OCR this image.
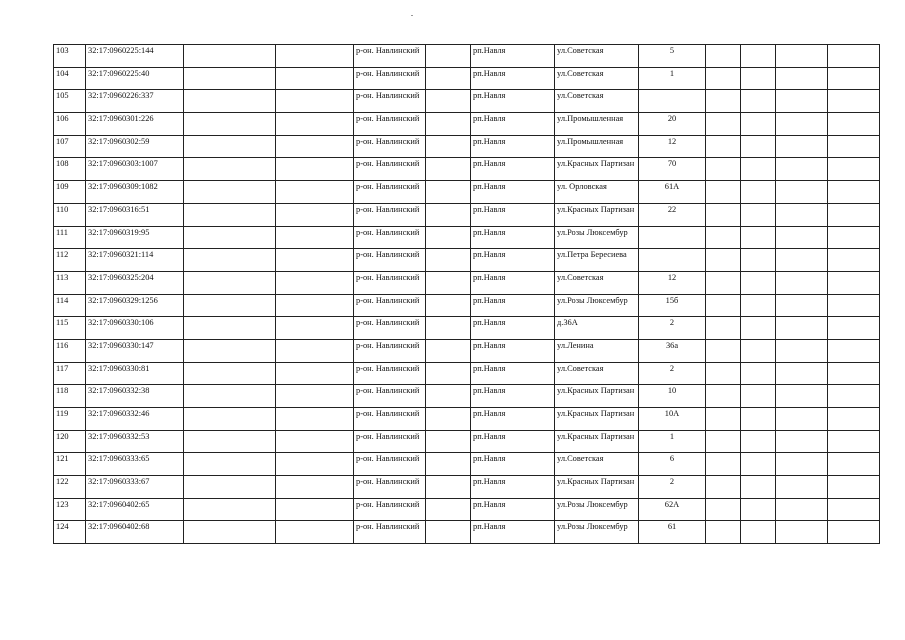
103	32:17:0960225:144			р-он. Навлинский		рп.Навля	ул.Советская	5				
104	32:17:0960225:40			р-он. Навлинский		рп.Навля	ул.Советская	1				
105	32:17:0960226:337			р-он. Навлинский		рп.Навля	ул.Советская					
106	32:17:0960301:226			р-он. Навлинский		рп.Навля	ул.Промышленная	20				
107	32:17:0960302:59			р-он. Навлинский		рп.Навля	ул.Промышленная	12				
108	32:17:0960303:1007			р-он. Навлинский		рп.Навля	ул.Красных Партизан	70				
109	32:17:0960309:1082			р-он. Навлинский		рп.Навля	ул. Орловская	61А				
110	32:17:0960316:51			р-он. Навлинский		рп.Навля	ул.Красных Партизан	22				
111	32:17:0960319:95			р-он. Навлинский		рп.Навля	ул.Розы Люксембур					
112	32:17:0960321:114			р-он. Навлинский		рп.Навля	ул.Петра Бересиева					
113	32:17:0960325:204			р-он. Навлинский		рп.Навля	ул.Советская	12				
114	32:17:0960329:1256			р-он. Навлинский		рп.Навля	ул.Розы Люксембур	15б				
115	32:17:0960330:106			р-он. Навлинский		рп.Навля	д.36А	2				
116	32:17:0960330:147			р-он. Навлинский		рп.Навля	ул.Ленина	36а				
117	32:17:0960330:81			р-он. Навлинский		рп.Навля	ул.Советская	2				
118	32:17:0960332:38			р-он. Навлинский		рп.Навля	ул.Красных Партизан	10				
119	32:17:0960332:46			р-он. Навлинский		рп.Навля	ул.Красных Партизан	10А				
120	32:17:0960332:53			р-он. Навлинский		рп.Навля	ул.Красных Партизан	1				
121	32:17:0960333:65			р-он. Навлинский		рп.Навля	ул.Советская	6				
122	32:17:0960333:67			р-он. Навлинский		рп.Навля	ул.Красных Партизан	2				
123	32:17:0960402:65			р-он. Навлинский		рп.Навля	ул.Розы Люксембур	62А				
124	32:17:0960402:68			р-он. Навлинский		рп.Навля	ул.Розы Люксембур	61				
